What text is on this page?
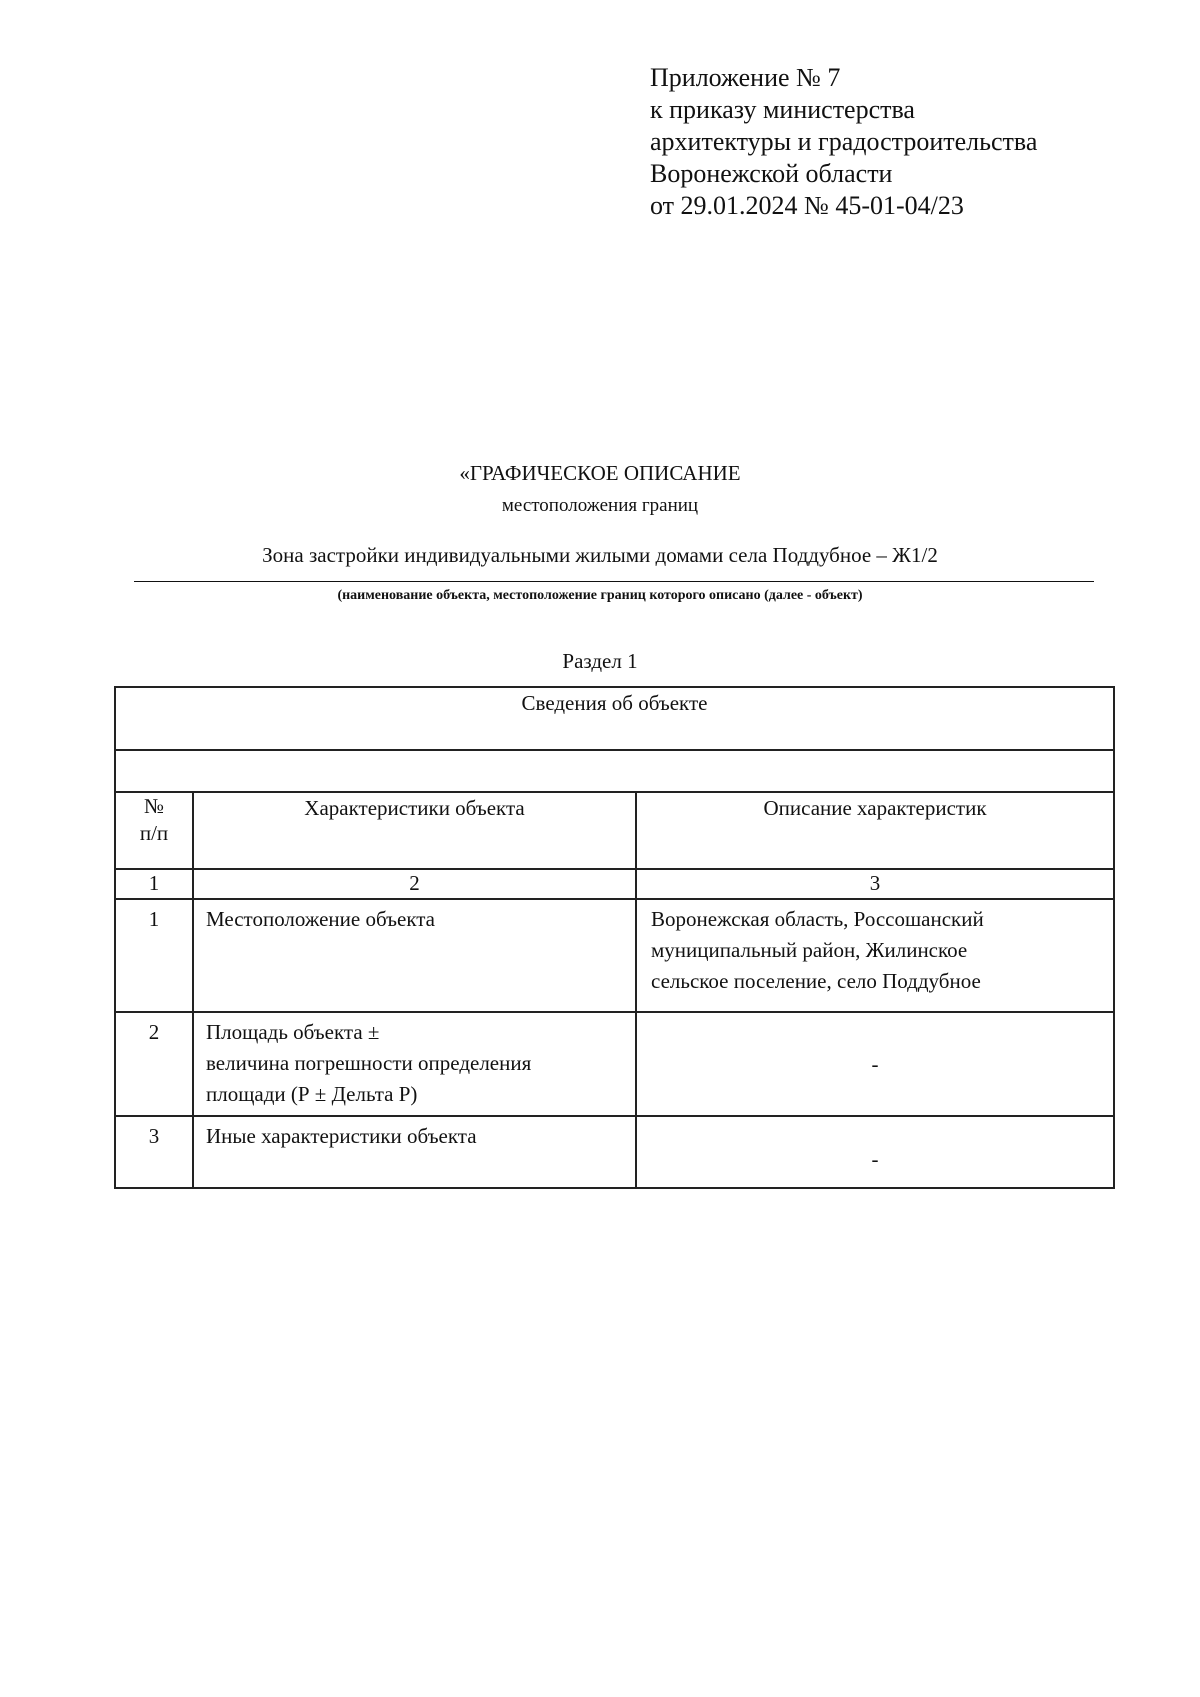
Приложение № 7
к приказу министерства
архитектуры и градостроительства
Воронежской области
от 29.01.2024 № 45-01-04/23
«ГРАФИЧЕСКОЕ ОПИСАНИЕ
местоположения границ
Зона застройки индивидуальными жилыми домами села Поддубное – Ж1/2
(наименование объекта, местоположение границ которого описано (далее - объект)
Раздел 1
Сведения об объекте		

№
п/п	Характеристики объекта	Описание характеристик
1	2	3
1	Местоположение объекта	Воронежская область, Россошанский
муниципальный район, Жилинское
сельское поселение, село Поддубное

2	Площадь объекта ±
величина погрешности определения
площади (Р ± Дельта Р)	-
3	Иные характеристики объекта	-
